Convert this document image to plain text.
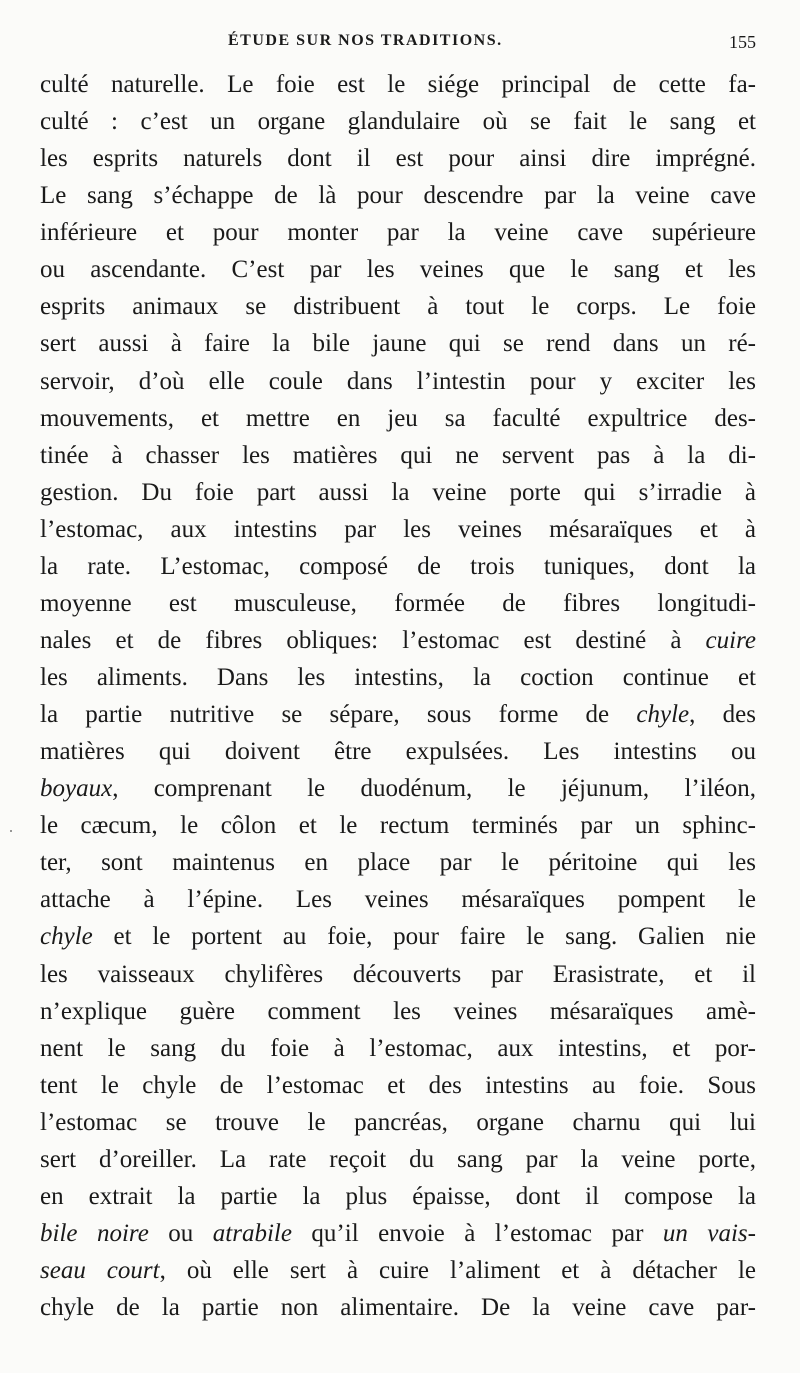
ÉTUDE SUR NOS TRADITIONS.	155
culté naturelle. Le foie est le siége principal de cette fa-
culté : c’est un organe glandulaire où se fait le sang et
les esprits naturels dont il est pour ainsi dire imprégné.
Le sang s’échappe de là pour descendre par la veine cave
inférieure et pour monter par la veine cave supérieure
ou ascendante. C’est par les veines que le sang et les
esprits animaux se distribuent à tout le corps. Le foie
sert aussi à faire la bile jaune qui se rend dans un ré-
servoir, d’où elle coule dans l’intestin pour y exciter les
mouvements, et mettre en jeu sa faculté expultrice des-
tinée à chasser les matières qui ne servent pas à la di-
gestion. Du foie part aussi la veine porte qui s’irradie à
l’estomac, aux intestins par les veines mésaraïques et à
la rate. L’estomac, composé de trois tuniques, dont la
moyenne est musculeuse, formée de fibres longitudi-
nales et de fibres obliques: l’estomac est destiné à cuire
les aliments. Dans les intestins, la coction continue et
la partie nutritive se sépare, sous forme de chyle, des
matières qui doivent être expulsées. Les intestins ou
boyaux, comprenant le duodénum, le jéjunum, l’iléon,
le cæcum, le côlon et le rectum terminés par un sphinc-
ter, sont maintenus en place par le péritoine qui les
attache à l’épine. Les veines mésaraïques pompent le
chyle et le portent au foie, pour faire le sang. Galien nie
les vaisseaux chylifères découverts par Erasistrate, et il
n’explique guère comment les veines mésaraïques amè-
nent le sang du foie à l’estomac, aux intestins, et por-
tent le chyle de l’estomac et des intestins au foie. Sous
l’estomac se trouve le pancréas, organe charnu qui lui
sert d’oreiller. La rate reçoit du sang par la veine porte,
en extrait la partie la plus épaisse, dont il compose la
bile noire ou atrabile qu’il envoie à l’estomac par un vais-
seau court, où elle sert à cuire l’aliment et à détacher le
chyle de la partie non alimentaire. De la veine cave par-
